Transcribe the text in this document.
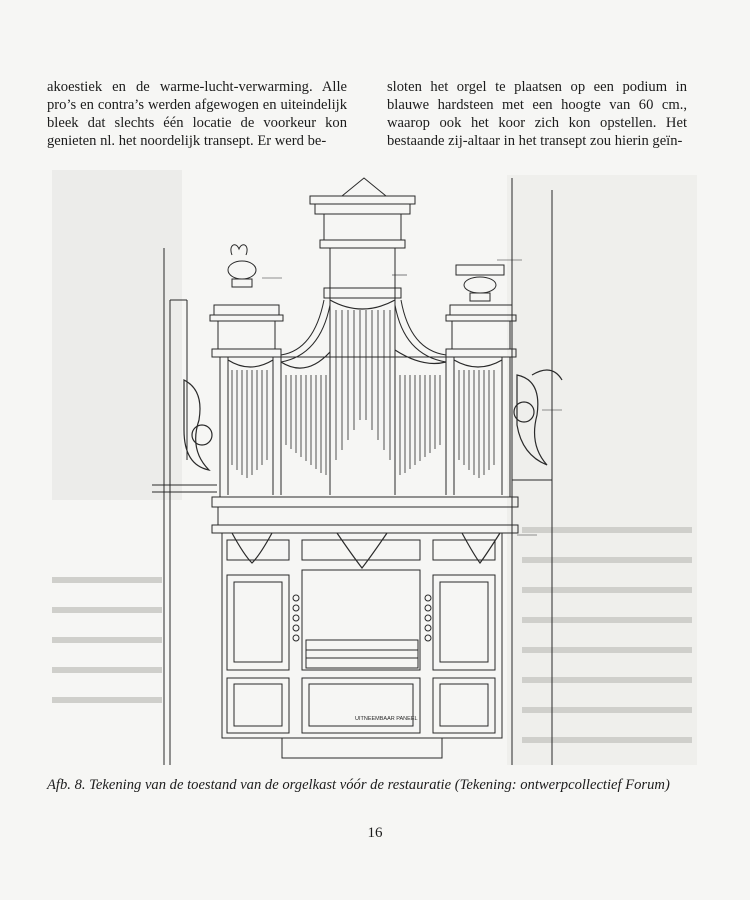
akoestiek en de warme-lucht-verwarming. Alle pro’s en contra’s werden afgewogen en uiteindelijk bleek dat slechts één locatie de voorkeur kon genieten nl. het noordelijk transept. Er werd be-

sloten het orgel te plaatsen op een podium in blauwe hardsteen met een hoogte van 60 cm., waarop ook het koor zich kon opstellen. Het bestaande zij-altaar in het transept zou hierin geïn-

UITNEEMBAAR PANEEL
Afb. 8. Tekening van de toestand van de orgelkast vóór de restauratie (Tekening: ontwerpcollectief Forum)
16
